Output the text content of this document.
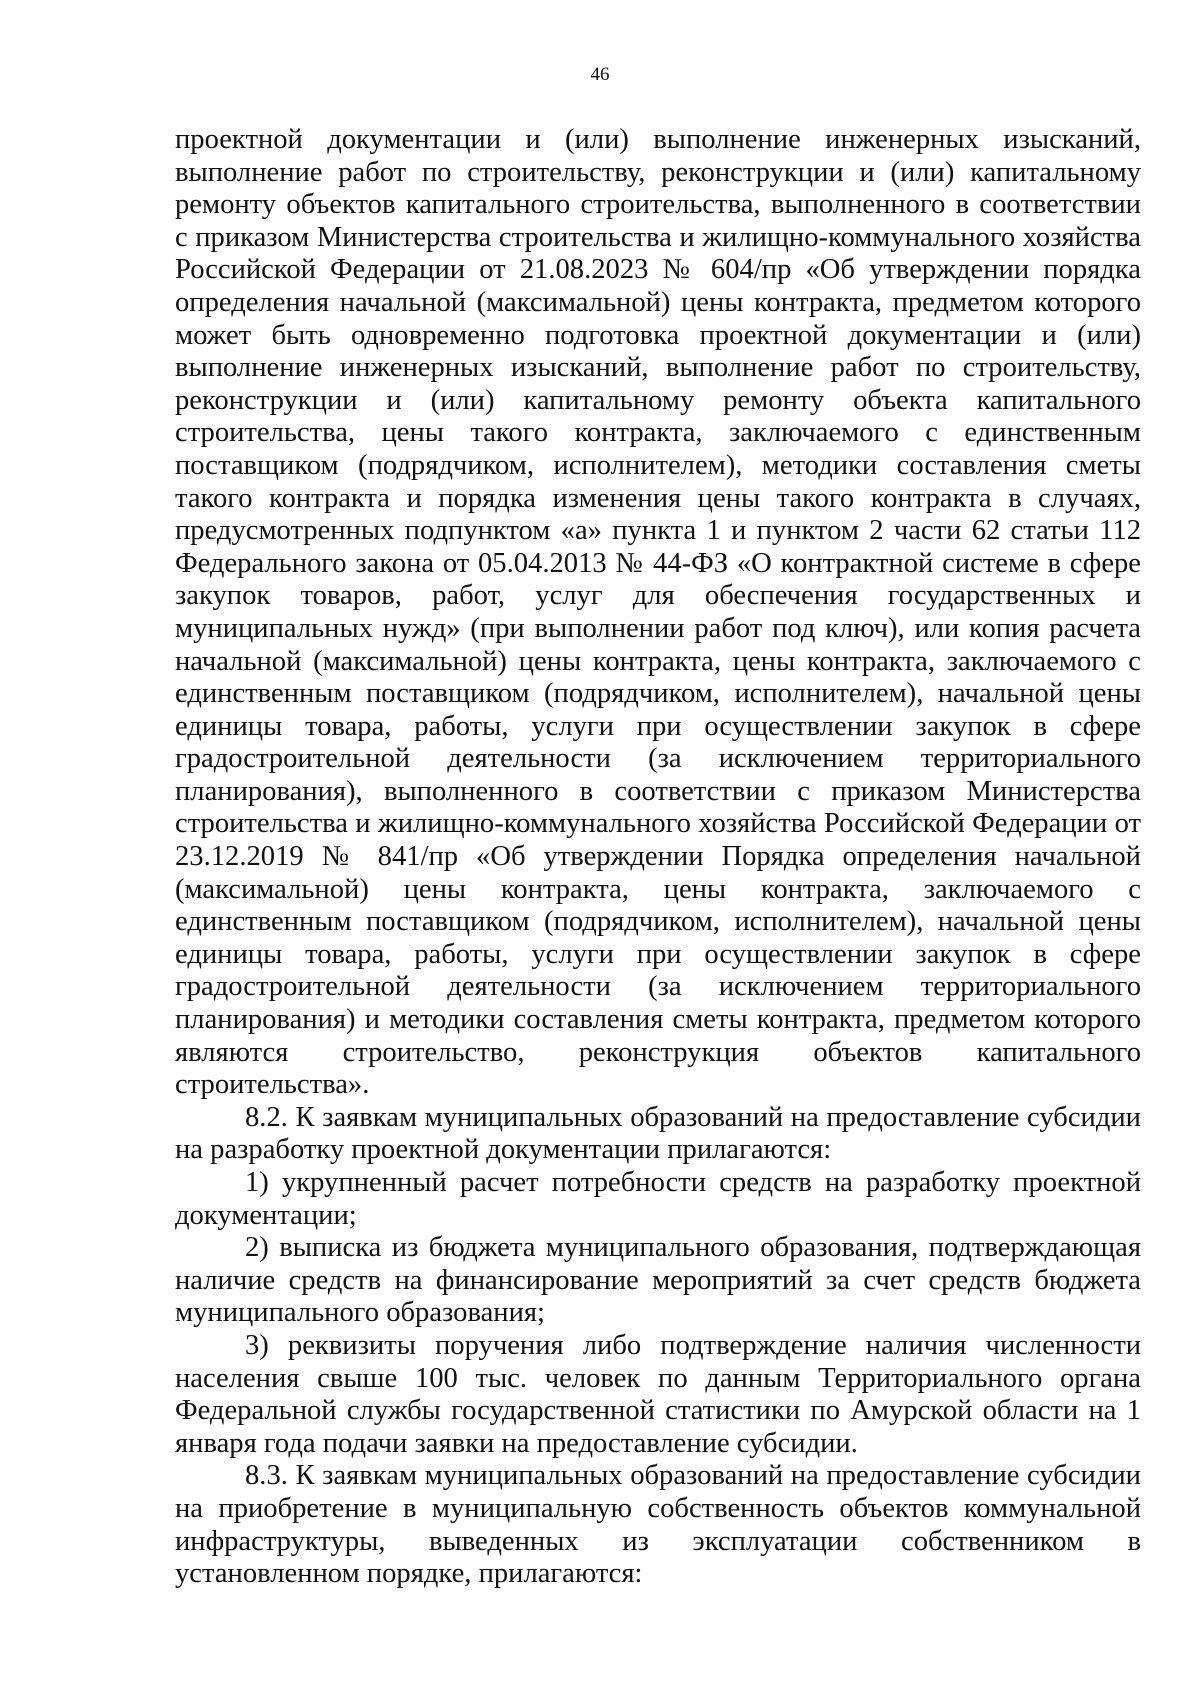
46

проектной документации и (или) выполнение инженерных изысканий, выполнение работ по строительству, реконструкции и (или) капитальному ремонту объектов капитального строительства, выполненного в соответствии с приказом Министерства строительства и жилищно-коммунального хозяйства Российской Федерации от 21.08.2023 № 604/пр «Об утверждении порядка определения начальной (максимальной) цены контракта, предметом которого может быть одновременно подготовка проектной документации и (или) выполнение инженерных изысканий, выполнение работ по строительству, реконструкции и (или) капитальному ремонту объекта капитального строительства, цены такого контракта, заключаемого с единственным поставщиком (подрядчиком, исполнителем), методики составления сметы такого контракта и порядка изменения цены такого контракта в случаях, предусмотренных подпунктом «а» пункта 1 и пунктом 2 части 62 статьи 112 Федерального закона от 05.04.2013 № 44-ФЗ «О контрактной системе в сфере закупок товаров, работ, услуг для обеспечения государственных и муниципальных нужд» (при выполнении работ под ключ), или копия расчета начальной (максимальной) цены контракта, цены контракта, заключаемого с единственным поставщиком (подрядчиком, исполнителем), начальной цены единицы товара, работы, услуги при осуществлении закупок в сфере градостроительной деятельности (за исключением территориального планирования), выполненного в соответствии с приказом Министерства строительства и жилищно-коммунального хозяйства Российской Федерации от 23.12.2019 № 841/пр «Об утверждении Порядка определения начальной (максимальной) цены контракта, цены контракта, заключаемого с единственным поставщиком (подрядчиком, исполнителем), начальной цены единицы товара, работы, услуги при осуществлении закупок в сфере градостроительной деятельности (за исключением территориального планирования) и методики составления сметы контракта, предметом которого являются строительство, реконструкция объектов капитального строительства».

8.2. К заявкам муниципальных образований на предоставление субсидии на разработку проектной документации прилагаются:

1) укрупненный расчет потребности средств на разработку проектной документации;

2) выписка из бюджета муниципального образования, подтверждающая наличие средств на финансирование мероприятий за счет средств бюджета муниципального образования;

3) реквизиты поручения либо подтверждение наличия численности населения свыше 100 тыс. человек по данным Территориального органа Федеральной службы государственной статистики по Амурской области на 1 января года подачи заявки на предоставление субсидии.

8.3. К заявкам муниципальных образований на предоставление субсидии на приобретение в муниципальную собственность объектов коммунальной инфраструктуры, выведенных из эксплуатации собственником в установленном порядке, прилагаются:
